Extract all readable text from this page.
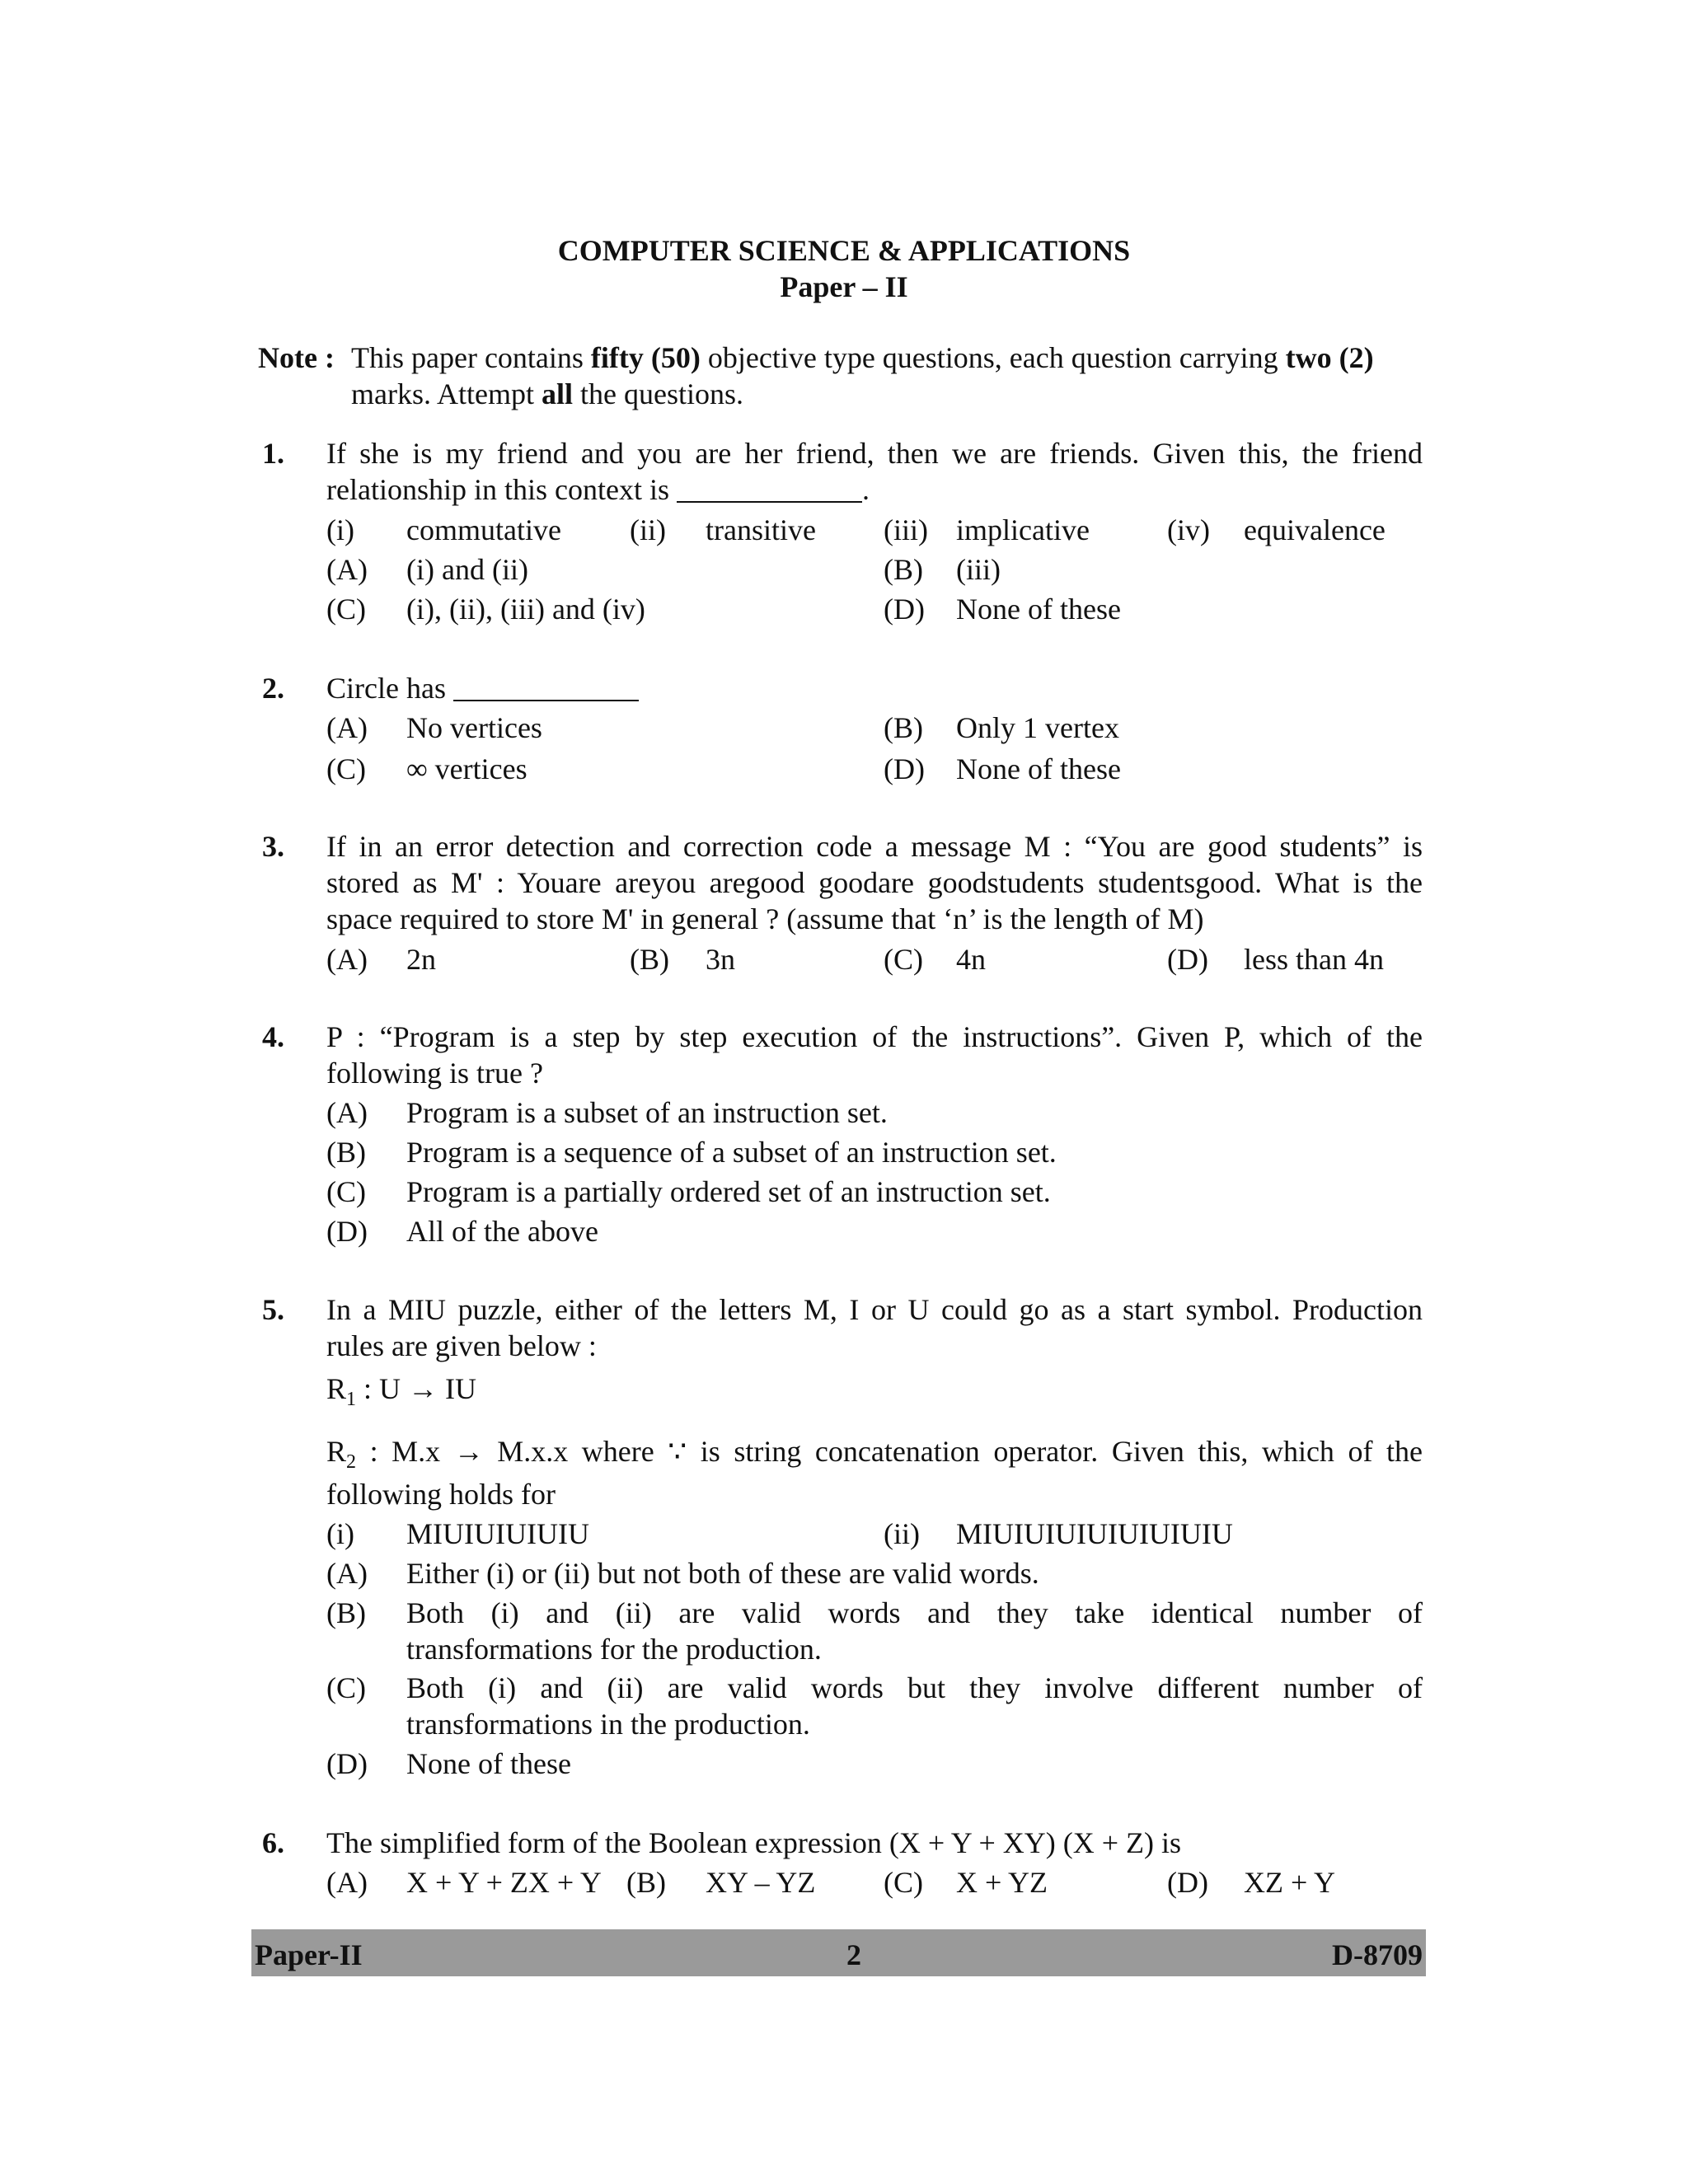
COMPUTER SCIENCE & APPLICATIONS
Paper – II
Note : This paper contains fifty (50) objective type questions, each question carrying two (2)
marks. Attempt all the questions.
1. If she is my friend and you are her friend, then we are friends. Given this, the friend
relationship in this context is	.
(i) commutative (ii) transitive (iii) implicative	(iv) equivalence
(A) (i) and (ii)	(B) (iii)
(C) (i), (ii), (iii) and (iv)	(D) None of these
2. Circle has
(A) No vertices	(B) Only 1 vertex
(C) ∞ vertices	(D) None of these
3. If in an error detection and correction code a message M : “You are good students” is
stored as M' : Youare areyou aregood goodare goodstudents studentsgood. What is the
space required to store M' in general ? (assume that ‘n’ is the length of M)
(A) 2n	(B) 3n	(C) 4n	(D) less than 4n
4. P : “Program is a step by step execution of the instructions”. Given P, which of the
following is true ?
(A) Program is a subset of an instruction set.
(B) Program is a sequence of a subset of an instruction set.
(C) Program is a partially ordered set of an instruction set.
(D) All of the above
5. In a MIU puzzle, either of the letters M, I or U could go as a start symbol. Production
rules are given below :
$R_1$ : U → IU
$R_2$ : M.x → M.x.x where ∵ is string concatenation operator. Given this, which of the
following holds for
(i) MIUIUIUIUIU	(ii) MIUIUIUIUIUIUIUIU
(A) Either (i) or (ii) but not both of these are valid words.
(B) Both (i) and (ii) are valid words and they take identical number of
transformations for the production.
(C) Both (i) and (ii) are valid words but they involve different number of
transformations in the production.
(D) None of these
6. The simplified form of the Boolean expression (X + Y + XY) (X + Z) is
(A) X + Y + ZX + Y (B) XY – YZ (C) X + YZ	(D) XZ + Y
Paper-II	2	D-8709
